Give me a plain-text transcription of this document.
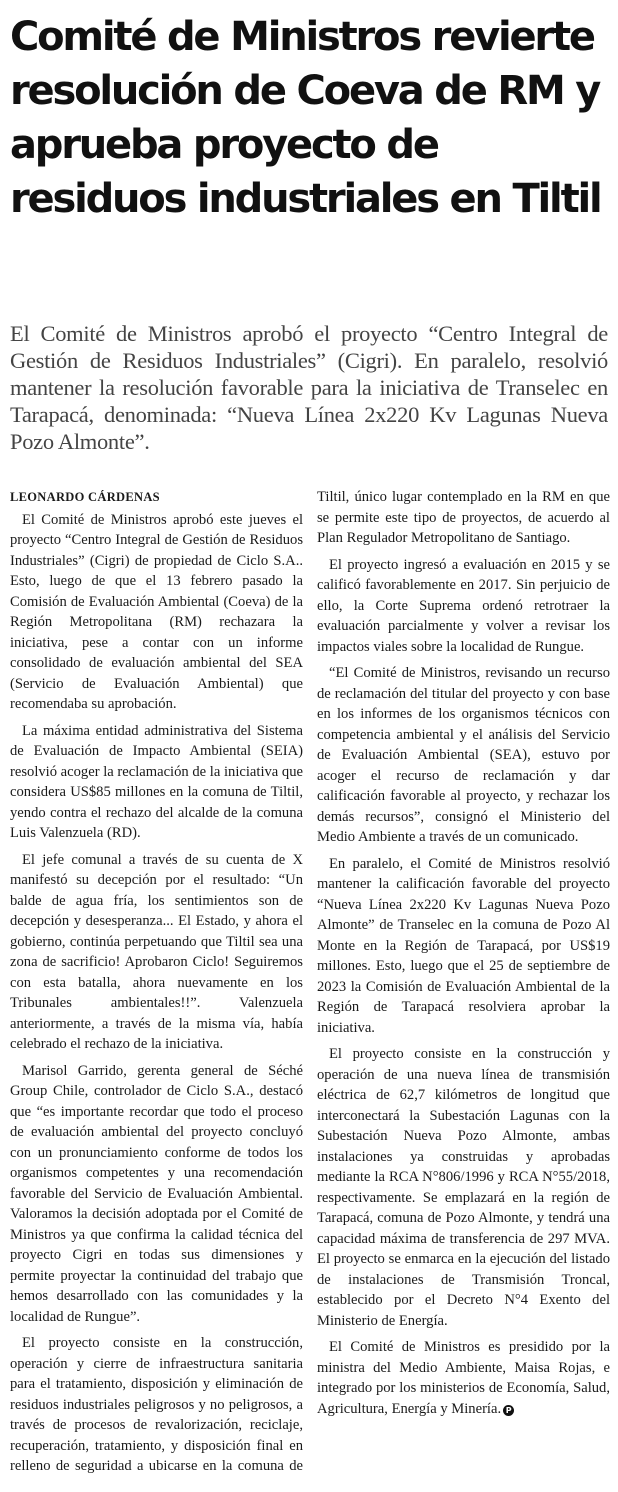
Comité de Ministros revierte resolución de Coeva de RM y aprueba proyecto de residuos industriales en Tiltil

El Comité de Ministros aprobó el proyecto “Centro Integral de Gestión de Residuos Industriales” (Cigri). En paralelo, resolvió mantener la resolución favorable para la iniciativa de Transelec en Tarapacá, denominada: “Nueva Línea 2x220 Kv Lagunas Nueva Pozo Almonte”.

LEONARDO CÁRDENAS

El Comité de Ministros aprobó este jueves el proyecto “Centro Integral de Gestión de Residuos Industriales” (Cigri) de propiedad de Ciclo S.A.. Esto, luego de que el 13 febrero pasado la Comisión de Evaluación Ambiental (Coeva) de la Región Metropolitana (RM) rechazara la iniciativa, pese a contar con un informe consolidado de evaluación ambiental del SEA (Servicio de Evaluación Ambiental) que recomendaba su aprobación.

La máxima entidad administrativa del Sistema de Evaluación de Impacto Ambiental (SEIA) resolvió acoger la reclamación de la iniciativa que considera US$85 millones en la comuna de Tiltil, yendo contra el rechazo del alcalde de la comuna Luis Valenzuela (RD).

El jefe comunal a través de su cuenta de X manifestó su decepción por el resultado: “Un balde de agua fría, los sentimientos son de decepción y desesperanza... El Estado, y ahora el gobierno, continúa perpetuando que Tiltil sea una zona de sacrificio! Aprobaron Ciclo! Seguiremos con esta batalla, ahora nuevamente en los Tribunales ambientales!!”. Valenzuela anteriormente, a través de la misma vía, había celebrado el rechazo de la iniciativa.

Marisol Garrido, gerenta general de Séché Group Chile, controlador de Ciclo S.A., destacó que “es importante recordar que todo el proceso de evaluación ambiental del proyecto concluyó con un pronunciamiento conforme de todos los organismos competentes y una recomendación favorable del Servicio de Evaluación Ambiental. Valoramos la decisión adoptada por el Comité de Ministros ya que confirma la calidad técnica del proyecto Cigri en todas sus dimensiones y permite proyectar la continuidad del trabajo que hemos desarrollado con las comunidades y la localidad de Rungue”.

El proyecto consiste en la construcción, operación y cierre de infraestructura sanitaria para el tratamiento, disposición y eliminación de residuos industriales peligrosos y no peligrosos, a través de procesos de revalorización, reciclaje, recuperación, tratamiento, y disposición final en relleno de seguridad a ubicarse en la comuna de Tiltil, único lugar contemplado en la RM en que se permite este tipo de proyectos, de acuerdo al Plan Regulador Metropolitano de Santiago.

El proyecto ingresó a evaluación en 2015 y se calificó favorablemente en 2017. Sin perjuicio de ello, la Corte Suprema ordenó retrotraer la evaluación parcialmente y volver a revisar los impactos viales sobre la localidad de Rungue.

“El Comité de Ministros, revisando un recurso de reclamación del titular del proyecto y con base en los informes de los organismos técnicos con competencia ambiental y el análisis del Servicio de Evaluación Ambiental (SEA), estuvo por acoger el recurso de reclamación y dar calificación favorable al proyecto, y rechazar los demás recursos”, consignó el Ministerio del Medio Ambiente a través de un comunicado.

En paralelo, el Comité de Ministros resolvió mantener la calificación favorable del proyecto “Nueva Línea 2x220 Kv Lagunas Nueva Pozo Almonte” de Transelec en la comuna de Pozo Al Monte en la Región de Tarapacá, por US$19 millones. Esto, luego que el 25 de septiembre de 2023 la Comisión de Evaluación Ambiental de la Región de Tarapacá resolviera aprobar la iniciativa.

El proyecto consiste en la construcción y operación de una nueva línea de transmisión eléctrica de 62,7 kilómetros de longitud que interconectará la Subestación Lagunas con la Subestación Nueva Pozo Almonte, ambas instalaciones ya construidas y aprobadas mediante la RCA N°806/1996 y RCA N°55/2018, respectivamente. Se emplazará en la región de Tarapacá, comuna de Pozo Almonte, y tendrá una capacidad máxima de transferencia de 297 MVA. El proyecto se enmarca en la ejecución del listado de instalaciones de Transmisión Troncal, establecido por el Decreto N°4 Exento del Ministerio de Energía.

El Comité de Ministros es presidido por la ministra del Medio Ambiente, Maisa Rojas, e integrado por los ministerios de Economía, Salud, Agricultura, Energía y Minería. P
